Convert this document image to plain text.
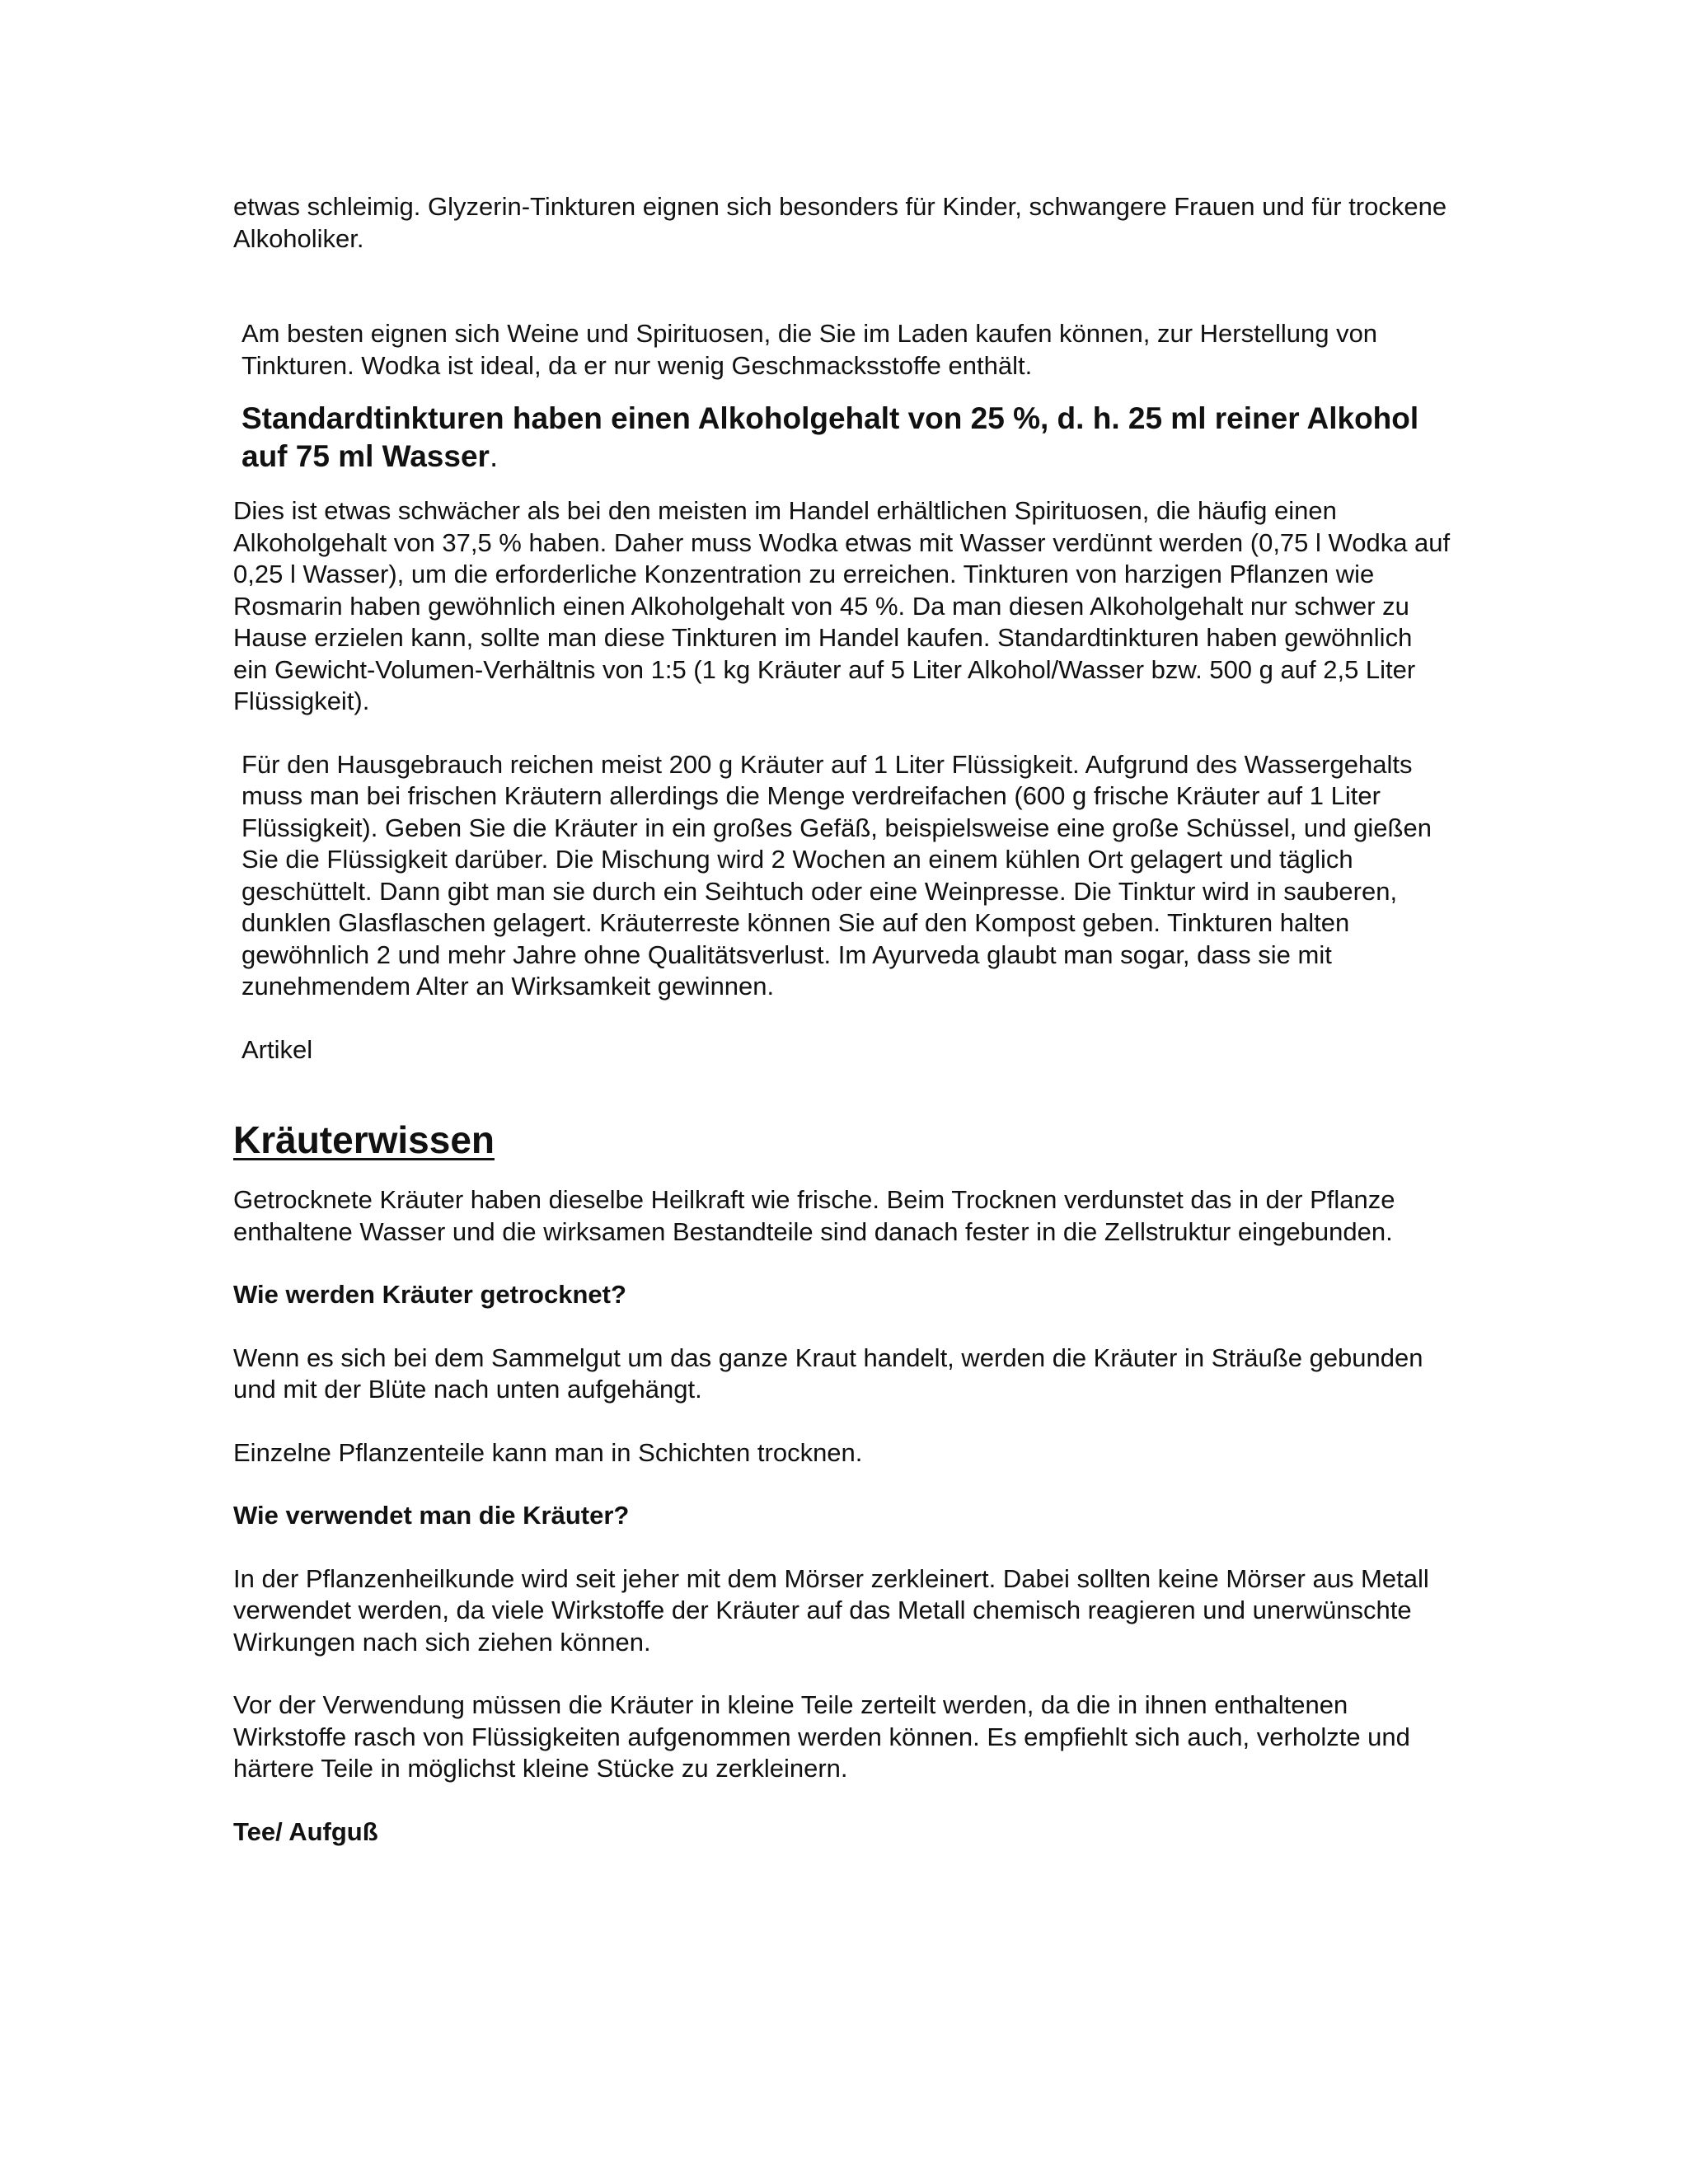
etwas schleimig. Glyzerin-Tinkturen eignen sich besonders für Kinder, schwangere Frauen und für trockene Alkoholiker.

Am besten eignen sich Weine und Spirituosen, die Sie im Laden kaufen können, zur Herstellung von Tinkturen. Wodka ist ideal, da er nur wenig Geschmacksstoffe enthält.

Standardtinkturen haben einen Alkoholgehalt von 25 %, d. h. 25 ml reiner Alkohol auf 75 ml Wasser.

Dies ist etwas schwächer als bei den meisten im Handel erhältlichen Spirituosen, die häufig einen Alkoholgehalt von 37,5 % haben. Daher muss Wodka etwas mit Wasser verdünnt werden (0,75 l Wodka auf 0,25 l Wasser), um die erforderliche Konzentration zu erreichen. Tinkturen von harzigen Pflanzen wie Rosmarin haben gewöhnlich einen Alkoholgehalt von 45 %. Da man diesen Alkoholgehalt nur schwer zu Hause erzielen kann, sollte man diese Tinkturen im Handel kaufen. Standardtinkturen haben gewöhnlich ein Gewicht-Volumen-Verhältnis von 1:5 (1 kg Kräuter auf 5 Liter Alkohol/Wasser bzw. 500 g auf 2,5 Liter Flüssigkeit).

Für den Hausgebrauch reichen meist 200 g Kräuter auf 1 Liter Flüssigkeit. Aufgrund des Wassergehalts muss man bei frischen Kräutern allerdings die Menge verdreifachen (600 g frische Kräuter auf 1 Liter Flüssigkeit). Geben Sie die Kräuter in ein großes Gefäß, beispielsweise eine große Schüssel, und gießen Sie die Flüssigkeit darüber. Die Mischung wird 2 Wochen an einem kühlen Ort gelagert und täglich geschüttelt. Dann gibt man sie durch ein Seihtuch oder eine Weinpresse. Die Tinktur wird in sauberen, dunklen Glasflaschen gelagert. Kräuterreste können Sie auf den Kompost geben. Tinkturen halten gewöhnlich 2 und mehr Jahre ohne Qualitätsverlust. Im Ayurveda glaubt man sogar, dass sie mit zunehmendem Alter an Wirksamkeit gewinnen.

Artikel

Kräuterwissen

Getrocknete Kräuter haben dieselbe Heilkraft wie frische. Beim Trocknen verdunstet das in der Pflanze enthaltene Wasser und die wirksamen Bestandteile sind danach fester in die Zellstruktur eingebunden.

Wie werden Kräuter getrocknet?

Wenn es sich bei dem Sammelgut um das ganze Kraut handelt, werden die Kräuter in Sträuße gebunden und mit der Blüte nach unten aufgehängt.

Einzelne Pflanzenteile kann man in Schichten trocknen.

Wie verwendet man die Kräuter?

In der Pflanzenheilkunde wird seit jeher mit dem Mörser zerkleinert. Dabei sollten keine Mörser aus Metall verwendet werden, da viele Wirkstoffe der Kräuter auf das Metall chemisch reagieren und unerwünschte Wirkungen nach sich ziehen können.

Vor der Verwendung müssen die Kräuter in kleine Teile zerteilt werden, da die in ihnen enthaltenen Wirkstoffe rasch von Flüssigkeiten aufgenommen werden können. Es empfiehlt sich auch, verholzte und härtere Teile in möglichst kleine Stücke zu zerkleinern.

Tee/ Aufguß
